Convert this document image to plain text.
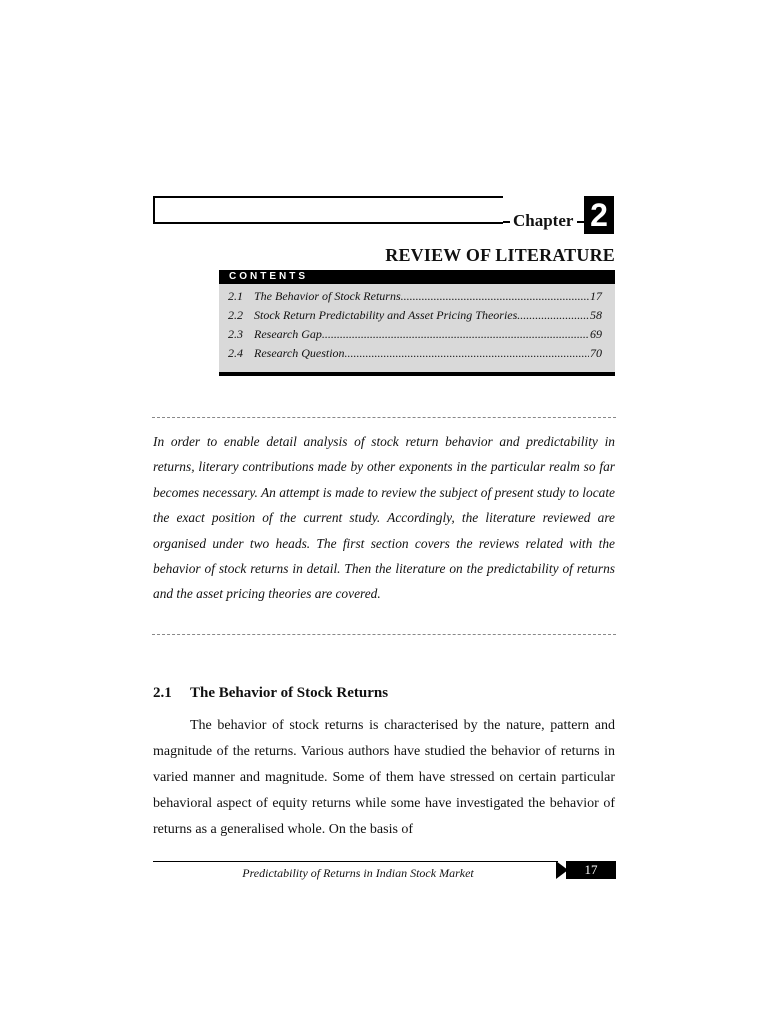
Chapter 2
REVIEW OF LITERATURE
CONTENTS
2.1 The Behavior of Stock Returns .....	17
2.2 Stock Return Predictability and Asset Pricing Theories .....	58
2.3 Research Gap .....	69
2.4 Research Question .....	70
In order to enable detail analysis of stock return behavior and predictability in returns, literary contributions made by other exponents in the particular realm so far becomes necessary. An attempt is made to review the subject of present study to locate the exact position of the current study. Accordingly, the literature reviewed are organised under two heads. The first section covers the reviews related with the behavior of stock returns in detail. Then the literature on the predictability of returns and the asset pricing theories are covered.
2.1 The Behavior of Stock Returns

The behavior of stock returns is characterised by the nature, pattern and magnitude of the returns. Various authors have studied the behavior of returns in varied manner and magnitude. Some of them have stressed on certain particular behavioral aspect of equity returns while some have investigated the behavior of returns as a generalised whole. On the basis of

Predictability of Returns in Indian Stock Market	17
